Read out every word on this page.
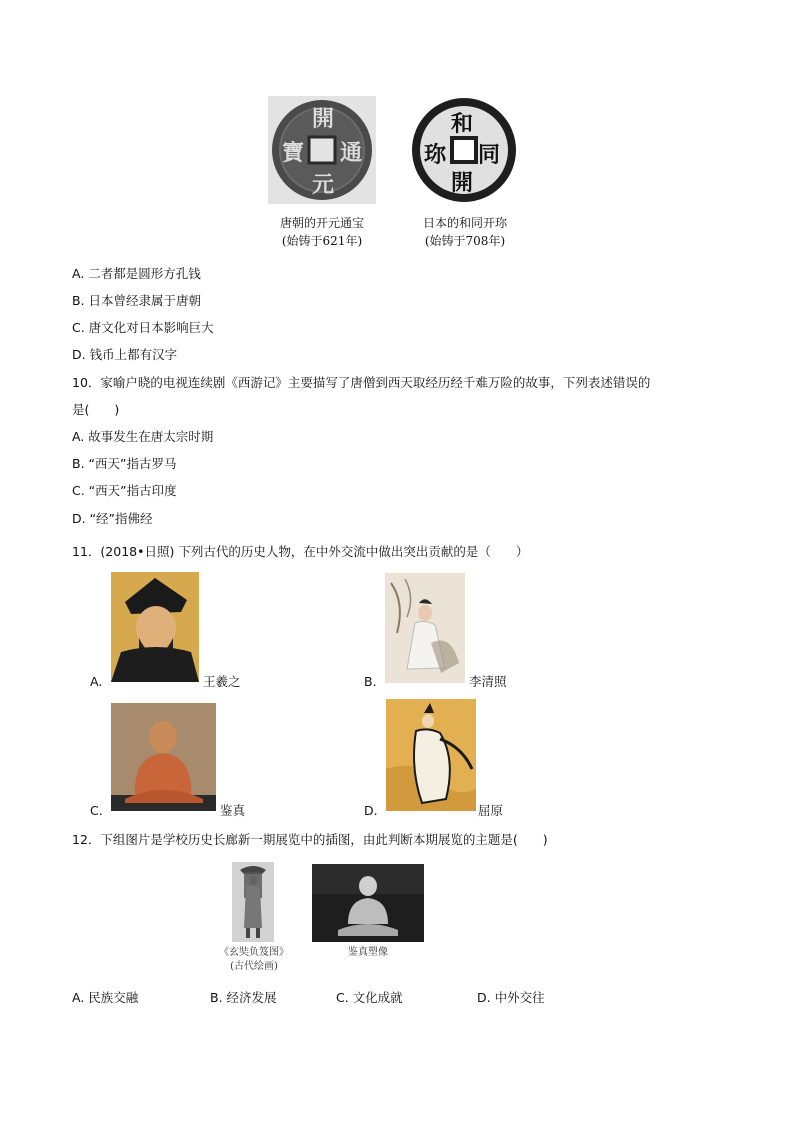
開
通
元
寶
和
同
開
珎
唐朝的开元通宝
(始铸于621年)
日本的和同开珎
(始铸于708年)
A. 二者都是圆形方孔钱
B. 日本曾经隶属于唐朝
C. 唐文化对日本影响巨大
D. 钱币上都有汉字
10．家喻户晓的电视连续剧《西游记》主要描写了唐僧到西天取经历经千难万险的故事，下列表述错误的
是(　　)
A. 故事发生在唐太宗时期
B. “西天”指古罗马
C. “西天”指古印度
D. “经”指佛经
11．(2018•日照) 下列古代的历史人物，在中外交流中做出突出贡献的是（　　）
A.	王羲之	B.	李清照
C.	鉴真	D.	屈原
12．下组图片是学校历史长廊新一期展览中的插图，由此判断本期展览的主题是(　　)
《玄奘负笈图》
(古代绘画)
鉴真塑像
A. 民族交融	B. 经济发展	C. 文化成就	D. 中外交往
